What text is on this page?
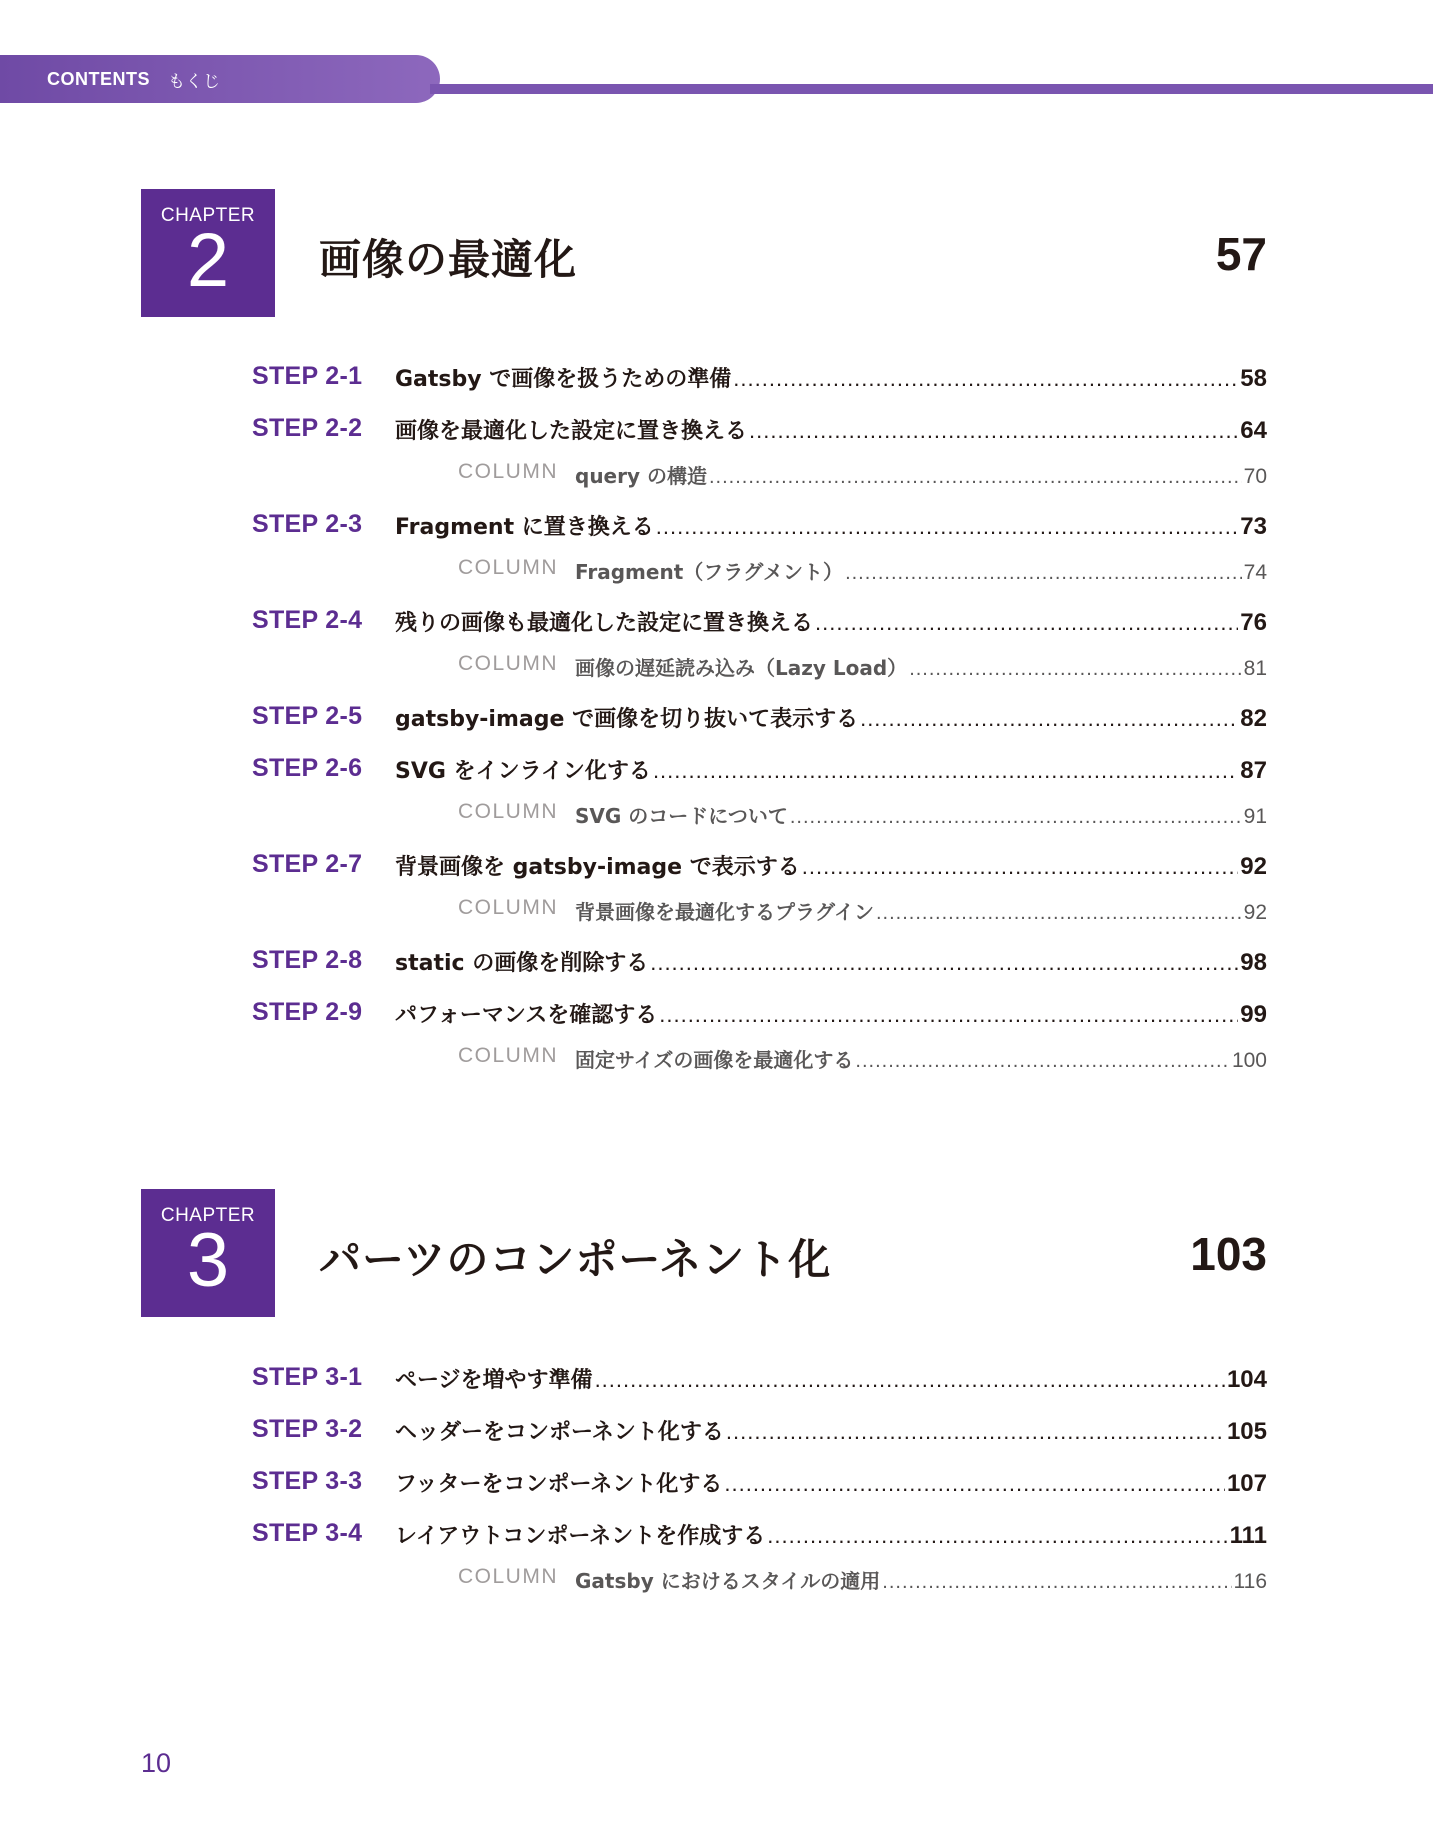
CONTENTS もくじ
CHAPTER
2	画像の最適化	57
STEP 2-1 Gatsby で画像を扱うための準備 .....	58
STEP 2-2 画像を最適化した設定に置き換える .....	64
COLUMN query の構造 .....	70
STEP 2-3 Fragment に置き換える .....	73
COLUMN Fragment（フラグメント） .....	74
STEP 2-4 残りの画像も最適化した設定に置き換える .....	76
COLUMN 画像の遅延読み込み（Lazy Load） .....	81
STEP 2-5 gatsby-image で画像を切り抜いて表示する .....	82
STEP 2-6 SVG をインライン化する .....	87
COLUMN SVG のコードについて .....	91
STEP 2-7 背景画像を gatsby-image で表示する .....	92
COLUMN 背景画像を最適化するプラグイン .....	92
STEP 2-8 static の画像を削除する .....	98
STEP 2-9 パフォーマンスを確認する .....	99
COLUMN 固定サイズの画像を最適化する .....	100
CHAPTER
3	パーツのコンポーネント化	103
STEP 3-1 ページを増やす準備 .....	104
STEP 3-2 ヘッダーをコンポーネント化する .....	105
STEP 3-3 フッターをコンポーネント化する .....	107
STEP 3-4 レイアウトコンポーネントを作成する .....	111
COLUMN Gatsby におけるスタイルの適用 .....	116
10
